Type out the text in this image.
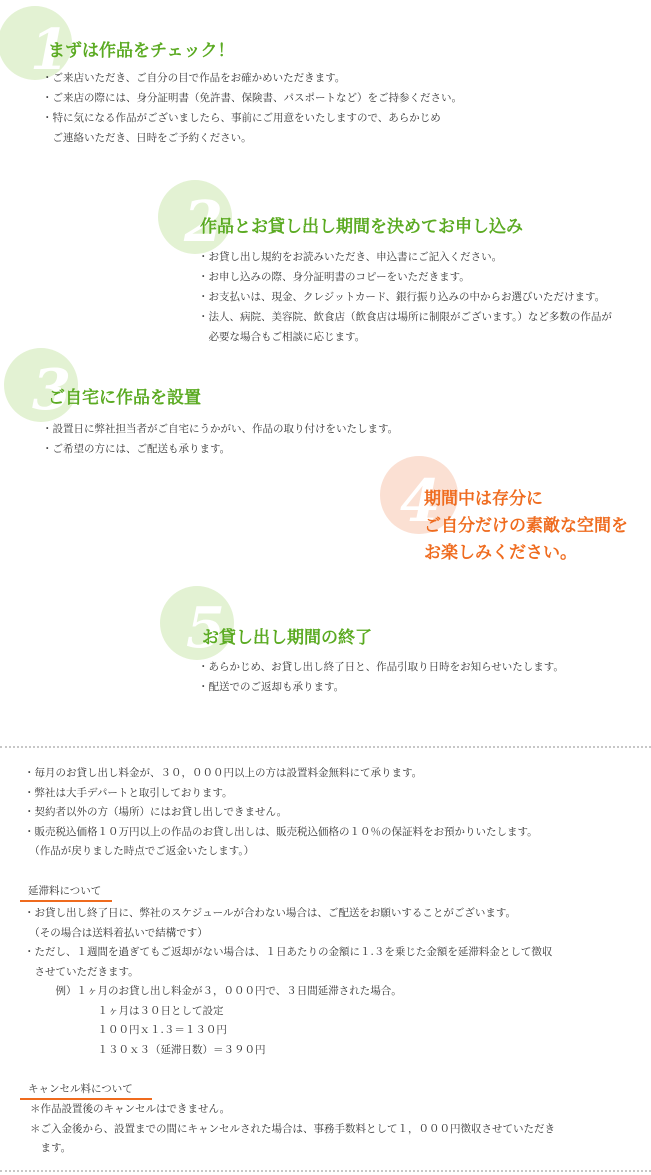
1
まずは作品をチェック！
・ご来店いただき、ご自分の目で作品をお確かめいただきます。
・ご来店の際には、身分証明書（免許書、保険書、パスポートなど）をご持参ください。
・特に気になる作品がございましたら、事前にご用意をいたしますので、あらかじめ
　ご連絡いただき、日時をご予約ください。
2
作品とお貸し出し期間を決めてお申し込み
・お貸し出し規約をお読みいただき、申込書にご記入ください。
・お申し込みの際、身分証明書のコピーをいただきます。
・お支払いは、現金、クレジットカード、銀行振り込みの中からお選びいただけます。
・法人、病院、美容院、飲食店（飲食店は場所に制限がございます。）など多数の作品が
　必要な場合もご相談に応じます。
3
ご自宅に作品を設置
・設置日に弊社担当者がご自宅にうかがい、作品の取り付けをいたします。
・ご希望の方には、ご配送も承ります。
4
期間中は存分に
ご自分だけの素敵な空間を
お楽しみください。
5
お貸し出し期間の終了
・あらかじめ、お貸し出し終了日と、作品引取り日時をお知らせいたします。
・配送でのご返却も承ります。
・毎月のお貸し出し料金が、３０，０００円以上の方は設置料金無料にて承ります。
・弊社は大手デパートと取引しております。
・契約者以外の方（場所）にはお貸し出しできません。
・販売税込価格１０万円以上の作品のお貸し出しは、販売税込価格の１０％の保証料をお預かりいたします。
　（作品が戻りました時点でご返金いたします。）
延滞料について
・お貸し出し終了日に、弊社のスケジュールが合わない場合は、ご配送をお願いすることがございます。
　（その場合は送料着払いで結構です）
・ただし、１週間を過ぎてもご返却がない場合は、１日あたりの金額に１.３を乗じた金額を延滞料金として徴収
　させていただきます。
　　　例）１ヶ月のお貸し出し料金が３，０００円で、３日間延滞された場合。
　　　　　　　１ヶ月は３０日として設定
　　　　　　　１００円ｘ１.３＝１３０円
　　　　　　　１３０ｘ３（延滞日数）＝３９０円
キャンセル料について
＊作品設置後のキャンセルはできません。
＊ご入金後から、設置までの間にキャンセルされた場合は、事務手数料として１，０００円徴収させていただき
　ます。
